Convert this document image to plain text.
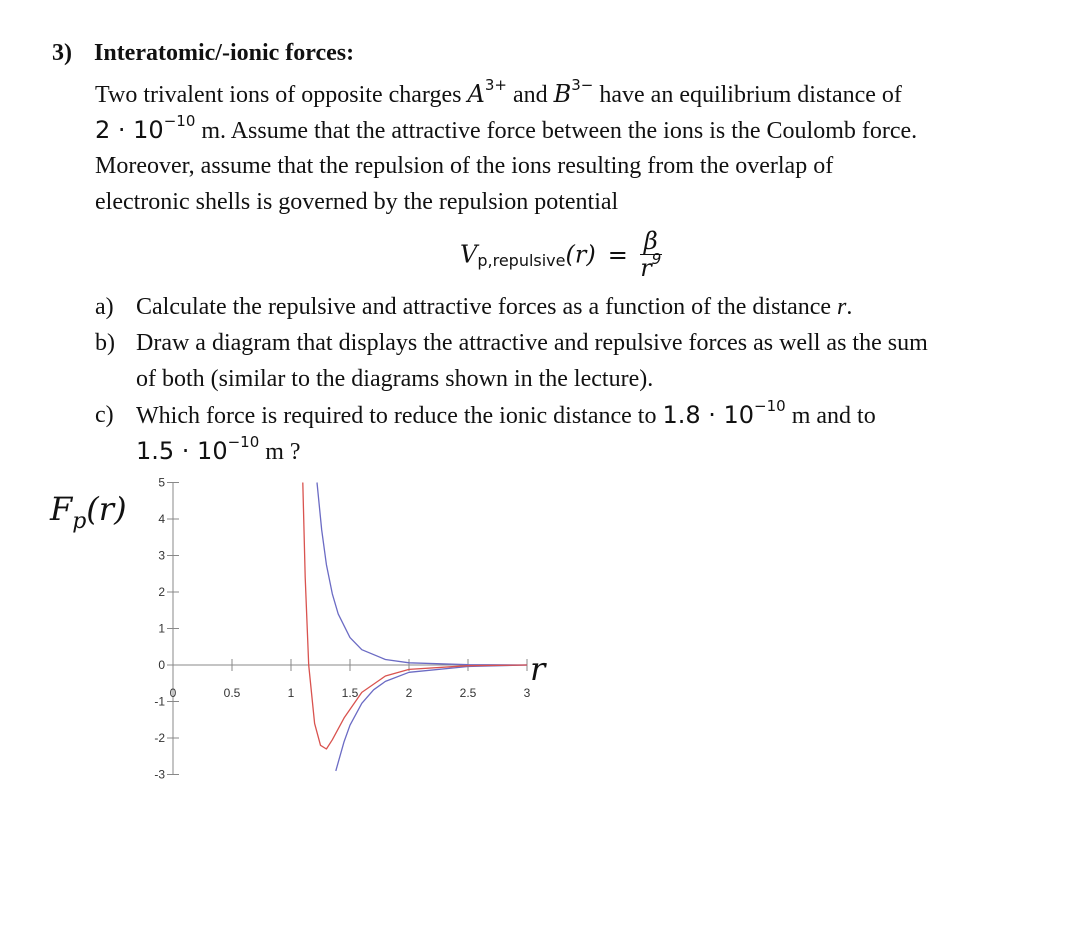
3) Interatomic/-ionic forces:
Two trivalent ions of opposite charges $A^{3+}$ and $B^{3-}$ have an equilibrium distance of
$2 \cdot 10^{-10}$ m. Assume that the attractive force between the ions is the Coulomb force.
Moreover, assume that the repulsion of the ions resulting from the overlap of
electronic shells is governed by the repulsion potential
$V_{p,repulsive}(r) = \frac{\beta}{r^9}$
a) Calculate the repulsive and attractive forces as a function of the distance r.
b) Draw a diagram that displays the attractive and repulsive forces as well as the sum
of both (similar to the diagrams shown in the lecture).
c) Which force is required to reduce the ionic distance to $1.8 \cdot 10^{-10}$ m and to
$1.5 \cdot 10^{-10}$ m ?
$F_p(r)$
r
5
4
3
2
1
0
-1
-2
-3
0	0.5	1	1.5	2	2.5	3
